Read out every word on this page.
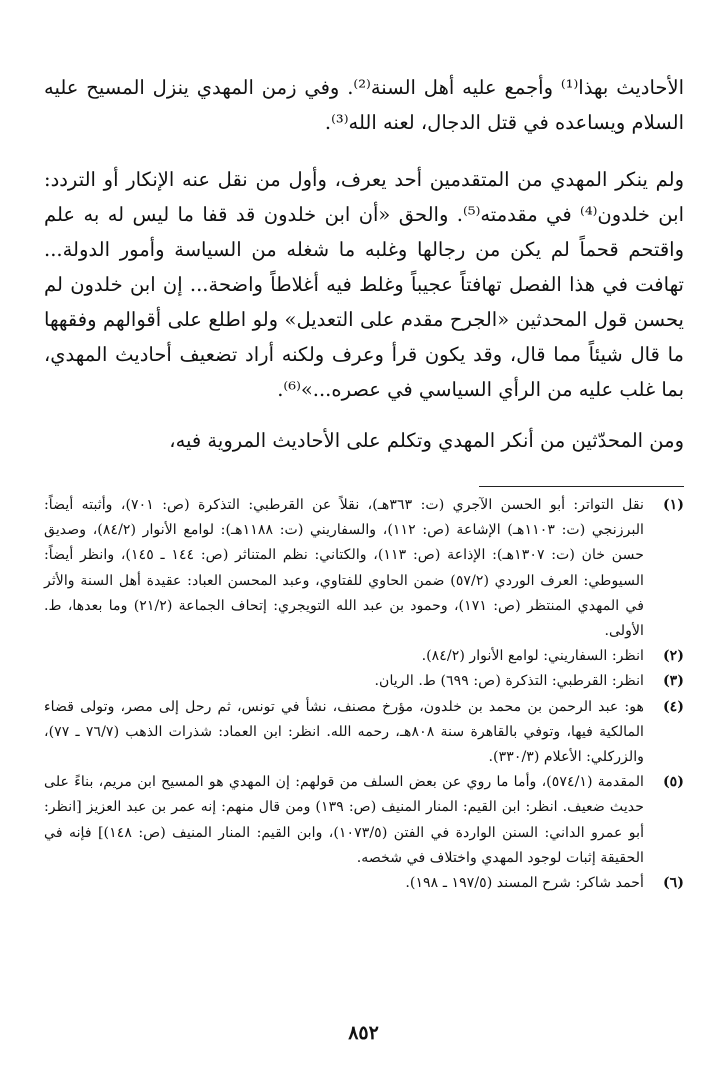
الأحاديث بهذا⁽¹⁾ وأجمع عليه أهل السنة⁽²⁾. وفي زمن المهدي ينزل المسيح عليه السلام ويساعده في قتل الدجال، لعنه الله⁽³⁾.

ولم ينكر المهدي من المتقدمين أحد يعرف، وأول من نقل عنه الإنكار أو التردد: ابن خلدون⁽⁴⁾ في مقدمته⁽⁵⁾. والحق «أن ابن خلدون قد قفا ما ليس له به علم واقتحم قحماً لم يكن من رجالها وغلبه ما شغله من السياسة وأمور الدولة... تهافت في هذا الفصل تهافتاً عجيباً وغلط فيه أغلاطاً واضحة... إن ابن خلدون لم يحسن قول المحدثين «الجرح مقدم على التعديل» ولو اطلع على أقوالهم وفقهها ما قال شيئاً مما قال، وقد يكون قرأ وعرف ولكنه أراد تضعيف أحاديث المهدي، بما غلب عليه من الرأي السياسي في عصره...»⁽⁶⁾.

ومن المحدّثين من أنكر المهدي وتكلم على الأحاديث المروية فيه،

(١)
نقل التواتر: أبو الحسن الآجري (ت: ٣٦٣هـ)، نقلاً عن القرطبي: التذكرة (ص: ٧٠١)، وأثبته أيضاً: البرزنجي (ت: ١١٠٣هـ) الإشاعة (ص: ١١٢)، والسفاريني (ت: ١١٨٨هـ): لوامع الأنوار (٨٤/٢)، وصديق حسن خان (ت: ١٣٠٧هـ): الإذاعة (ص: ١١٣)، والكتاني: نظم المتناثر (ص: ١٤٤ ـ ١٤٥)، وانظر أيضاً: السيوطي: العرف الوردي (٥٧/٢) ضمن الحاوي للفتاوي، وعبد المحسن العباد: عقيدة أهل السنة والأثر في المهدي المنتظر (ص: ١٧١)، وحمود بن عبد الله التويجري: إتحاف الجماعة (٢١/٢) وما بعدها، ط. الأولى.
(٢)
انظر: السفاريني: لوامع الأنوار (٨٤/٢).
(٣)
انظر: القرطبي: التذكرة (ص: ٦٩٩) ط. الريان.
(٤)
هو: عبد الرحمن بن محمد بن خلدون، مؤرخ مصنف، نشأ في تونس، ثم رحل إلى مصر، وتولى قضاء المالكية فيها، وتوفي بالقاهرة سنة ٨٠٨هـ، رحمه الله. انظر: ابن العماد: شذرات الذهب (٧٦/٧ ـ ٧٧)، والزركلي: الأعلام (٣٣٠/٣).
(٥)
المقدمة (٥٧٤/١)، وأما ما روي عن بعض السلف من قولهم: إن المهدي هو المسيح ابن مريم، بناءً على حديث ضعيف. انظر: ابن القيم: المنار المنيف (ص: ١٣٩) ومن قال منهم: إنه عمر بن عبد العزيز [انظر: أبو عمرو الداني: السنن الواردة في الفتن (١٠٧٣/٥)، وابن القيم: المنار المنيف (ص: ١٤٨)] فإنه في الحقيقة إثبات لوجود المهدي واختلاف في شخصه.
(٦)
أحمد شاكر: شرح المسند (١٩٧/٥ ـ ١٩٨).
٨٥٢
